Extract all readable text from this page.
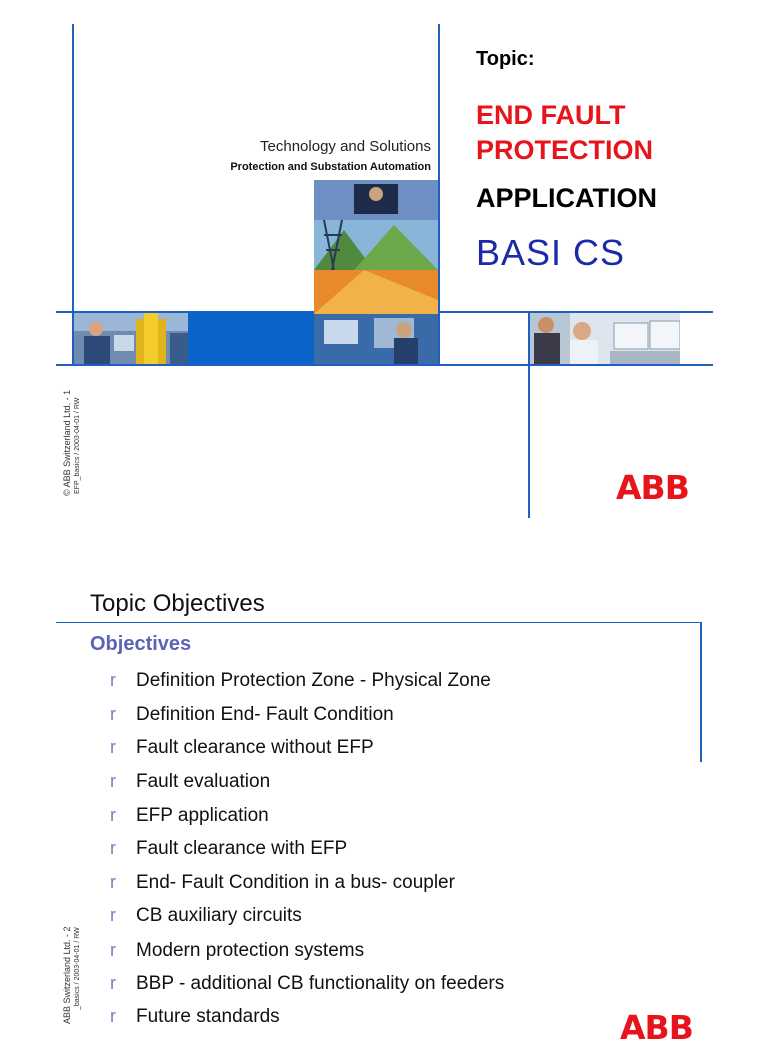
Technology and Solutions
Protection and Substation Automation
Topic:
END FAULT
PROTECTION
APPLICATION
BASI CS
© ABB Switzerland Ltd. - 1 EFP_basics / 2003-04-01 / RW	ABB
Topic Objectives
Objectives
r Definition Protection Zone - Physical Zone
r Definition End- Fault Condition
r Fault clearance without EFP
r Fault evaluation
r EFP application
r Fault clearance with EFP
r End- Fault Condition in a bus- coupler
r CB auxiliary circuits
r Modern protection systems
r BBP - additional CB functionality on feeders
r Future standards
ABB Switzerland Ltd. - 2 _basics / 2003-04-01 / RW
ABB
